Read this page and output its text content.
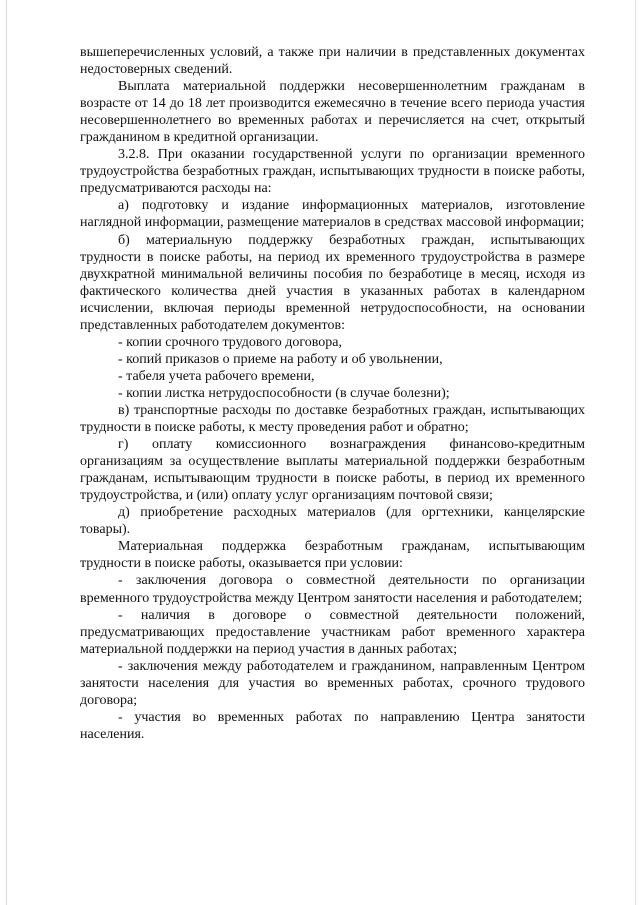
вышеперечисленных условий, а также при наличии в представленных документах недостоверных сведений.

Выплата материальной поддержки несовершеннолетним гражданам в возрасте от 14 до 18 лет производится ежемесячно в течение всего периода участия несовершеннолетнего во временных работах и перечисляется на счет, открытый гражданином в кредитной организации.

3.2.8. При оказании государственной услуги по организации временного трудоустройства безработных граждан, испытывающих трудности в поиске работы, предусматриваются расходы на:

а) подготовку и издание информационных материалов, изготовление наглядной информации, размещение материалов в средствах массовой информации;

б) материальную поддержку безработных граждан, испытывающих трудности в поиске работы, на период их временного трудоустройства в размере двухкратной минимальной величины пособия по безработице в месяц, исходя из фактического количества дней участия в указанных работах в календарном исчислении, включая периоды временной нетрудоспособности, на основании представленных работодателем документов:

- копии срочного трудового договора,

- копий приказов о приеме на работу и об увольнении,

- табеля учета рабочего времени,

- копии листка нетрудоспособности (в случае болезни);

в) транспортные расходы по доставке безработных граждан, испытывающих трудности в поиске работы, к месту проведения работ и обратно;

г) оплату комиссионного вознаграждения финансово-кредитным организациям за осуществление выплаты материальной поддержки безработным гражданам, испытывающим трудности в поиске работы, в период их временного трудоустройства, и (или) оплату услуг организациям почтовой связи;

д) приобретение расходных материалов (для оргтехники, канцелярские товары).

Материальная поддержка безработным гражданам, испытывающим трудности в поиске работы, оказывается при условии:

- заключения договора о совместной деятельности по организации временного трудоустройства между Центром занятости населения и работодателем;

- наличия в договоре о совместной деятельности положений, предусматривающих предоставление участникам работ временного характера материальной поддержки на период участия в данных работах;

- заключения между работодателем и гражданином, направленным Центром занятости населения для участия во временных работах, срочного трудового договора;

- участия во временных работах по направлению Центра занятости населения.
